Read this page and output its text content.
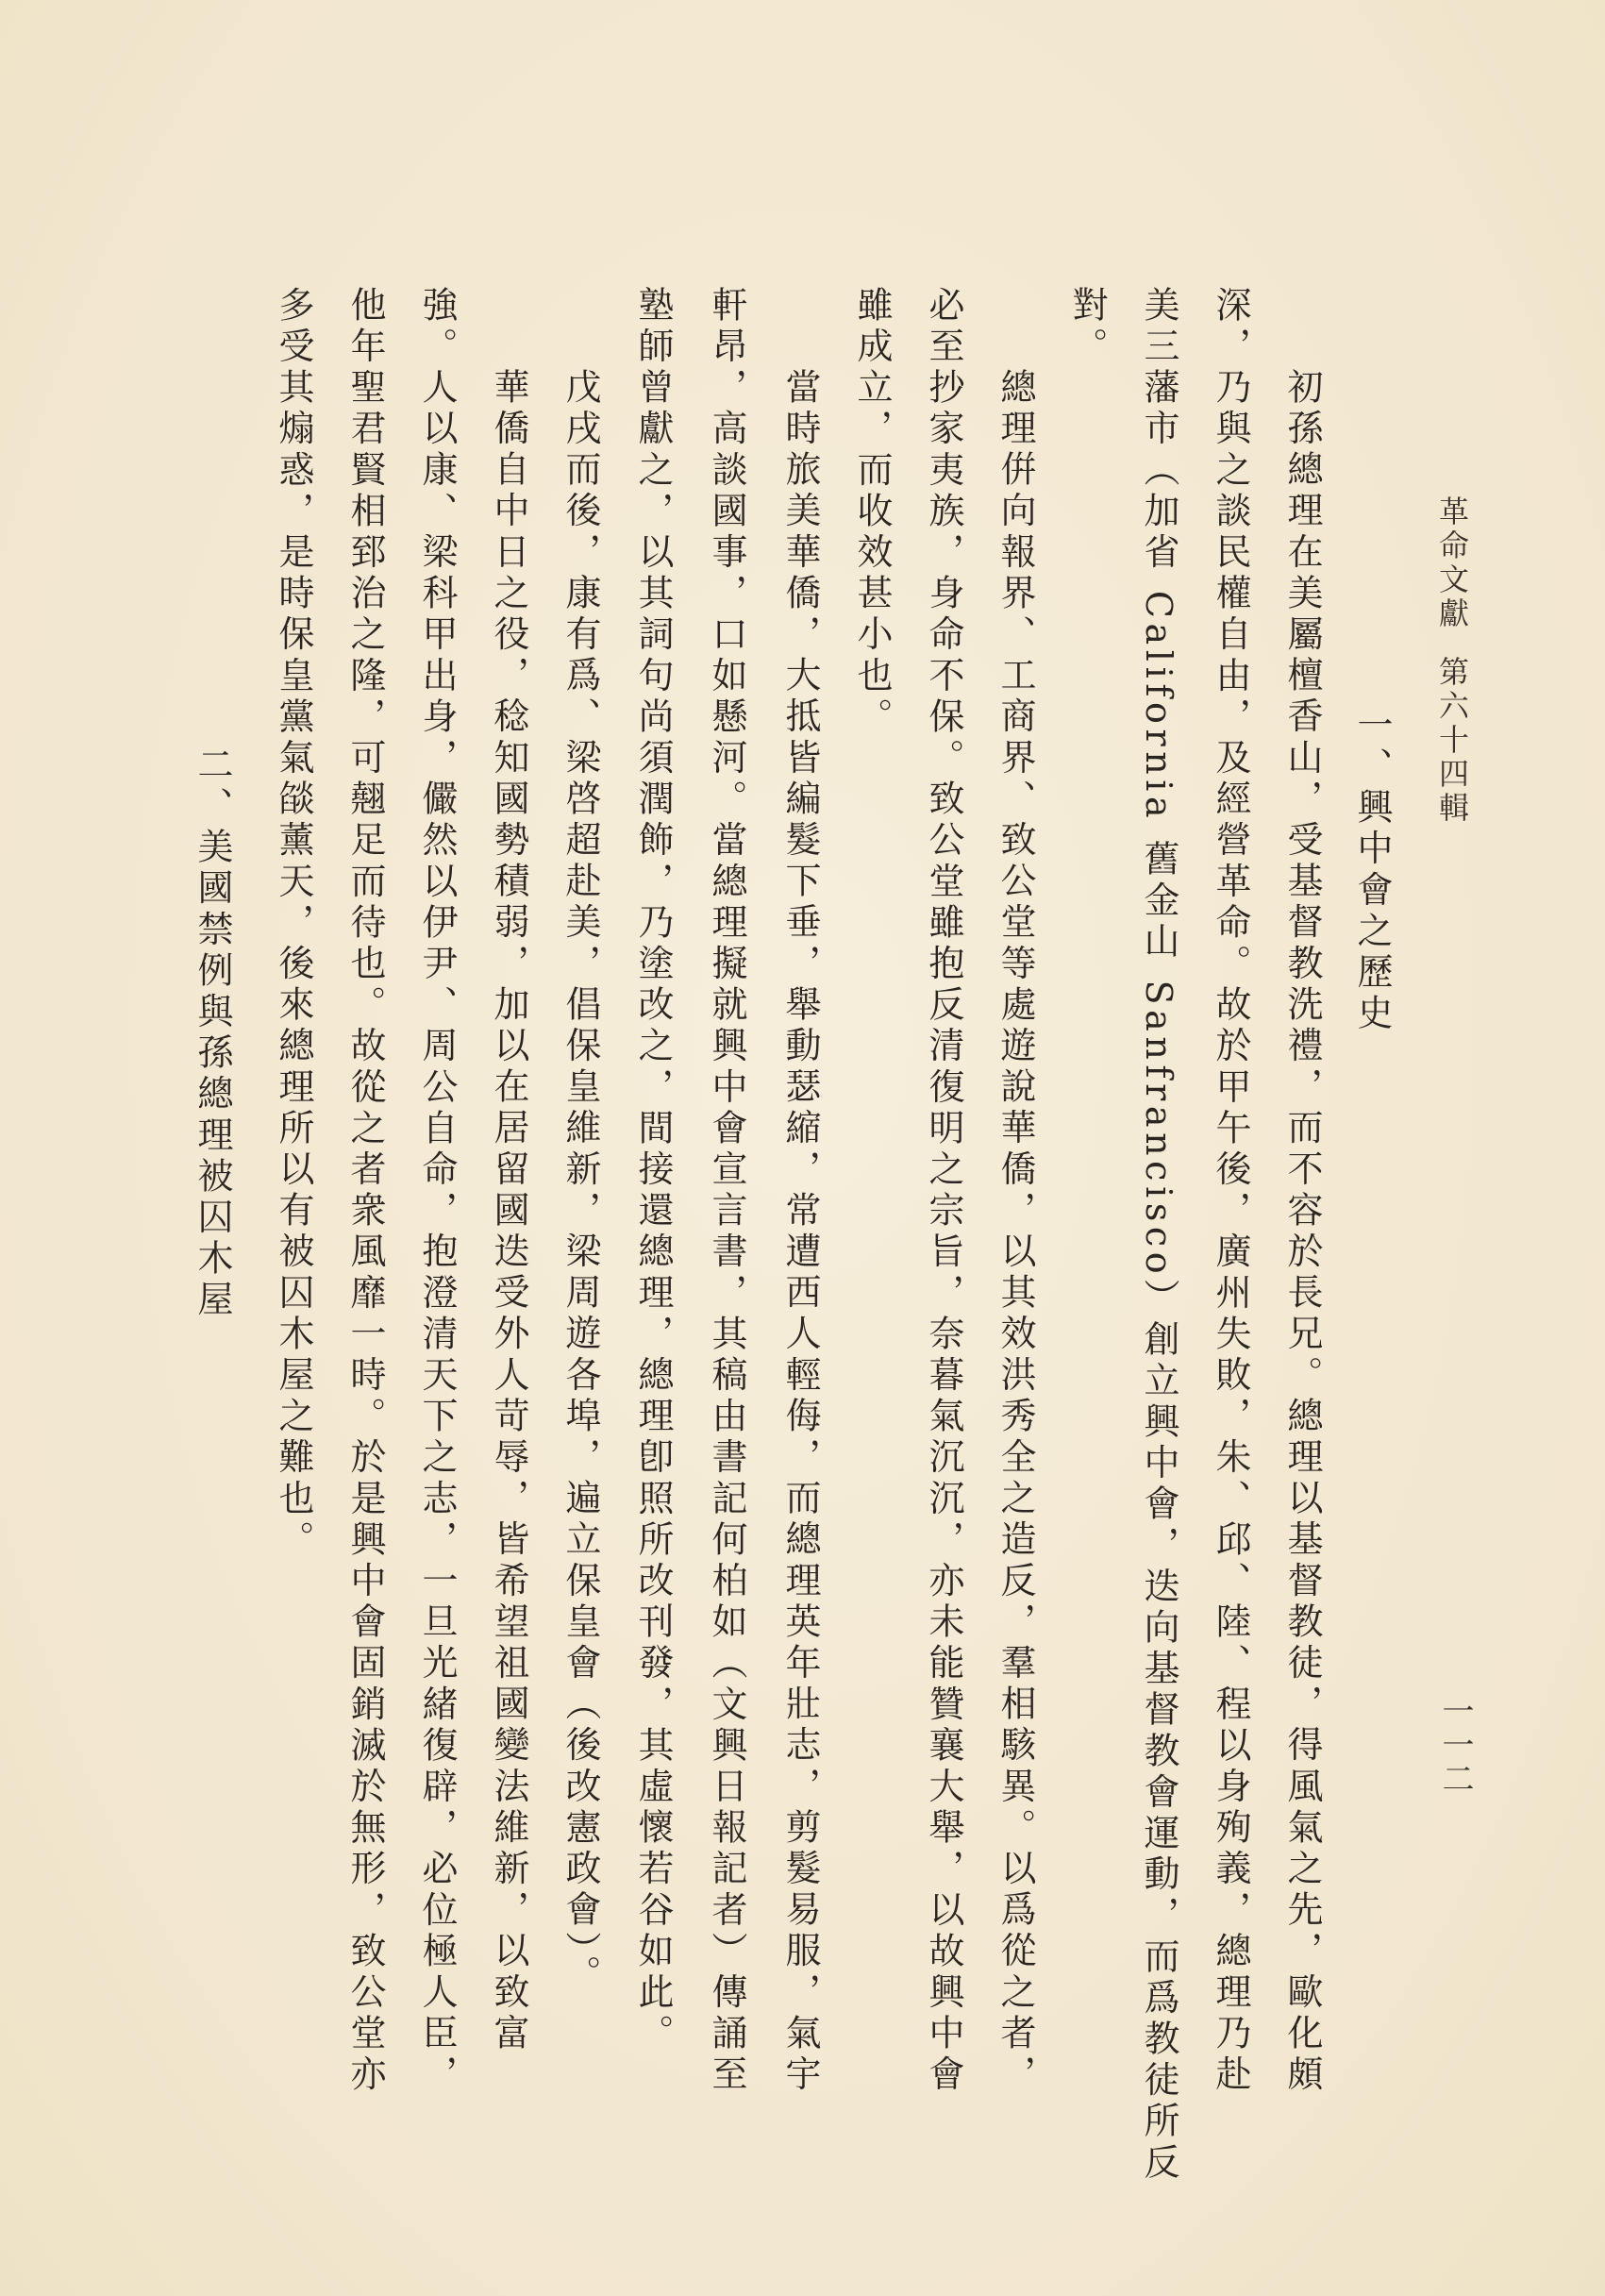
革命文獻第六十四輯
一一二
一、興中會之歷史
初孫總理在美屬檀香山，受基督教洗禮，而不容於長兄。總理以基督教徒，得風氣之先，歐化頗
深，乃與之談民權自由，及經營革命。故於甲午後，廣州失敗，朱、邱、陸、程以身殉義，總理乃赴
美三藩市（加省 California 舊金山 Sanfrancisco）創立興中會，迭向基督教會運動，而爲教徒所反
對。
總理倂向報界、工商界、致公堂等處遊說華僑，以其效洪秀全之造反，羣相駭異。以爲從之者，
必至抄家夷族，身命不保。致公堂雖抱反清復明之宗旨，奈暮氣沉沉，亦未能贊襄大舉，以故興中會
雖成立，而收效甚小也。
當時旅美華僑，大抵皆編髮下垂，舉動瑟縮，常遭西人輕侮，而總理英年壯志，剪髮易服，氣宇
軒昂，高談國事，口如懸河。當總理擬就興中會宣言書，其稿由書記何柏如（文興日報記者）傳誦至
塾師曾獻之，以其詞句尚須潤飾，乃塗改之，間接還總理，總理卽照所改刊發，其虛懷若谷如此。
戊戌而後，康有爲、梁啓超赴美，倡保皇維新，梁周遊各埠，遍立保皇會（後改憲政會）。
華僑自中日之役，稔知國勢積弱，加以在居留國迭受外人苛辱，皆希望祖國變法維新，以致富
強。人以康、梁科甲出身，儼然以伊尹、周公自命，抱澄清天下之志，一旦光緒復辟，必位極人臣，
他年聖君賢相郅治之隆，可翹足而待也。故從之者衆風靡一時。於是興中會固銷滅於無形，致公堂亦
多受其煽惑，是時保皇黨氣燄薰天，後來總理所以有被囚木屋之難也。
二、美國禁例與孫總理被囚木屋
